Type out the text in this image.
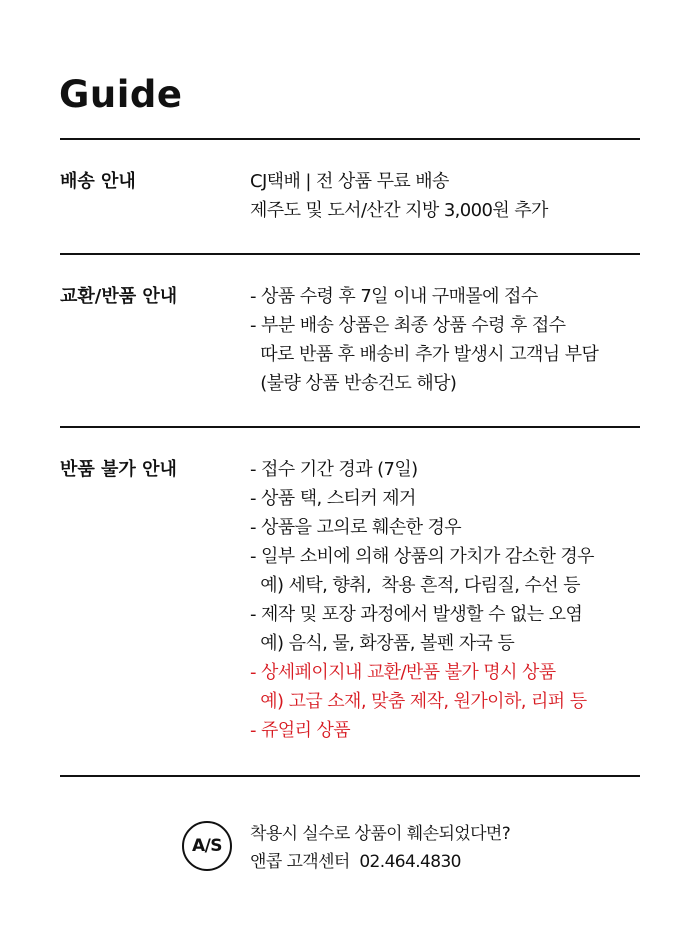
Guide
배송 안내	CJ택배 | 전 상품 무료 배송
제주도 및 도서/산간 지방 3,000원 추가
교환/반품 안내	- 상품 수령 후 7일 이내 구매몰에 접수
- 부분 배송 상품은 최종 상품 수령 후 접수
따로 반품 후 배송비 추가 발생시 고객님 부담
(불량 상품 반송건도 해당)
반품 불가 안내	- 접수 기간 경과 (7일)
- 상품 택, 스티커 제거
- 상품을 고의로 훼손한 경우
- 일부 소비에 의해 상품의 가치가 감소한 경우
예) 세탁, 향취,  착용 흔적, 다림질, 수선 등
- 제작 및 포장 과정에서 발생할 수 없는 오염
예) 음식, 물, 화장품, 볼펜 자국 등
- 상세페이지내 교환/반품 불가 명시 상품
예) 고급 소재, 맞춤 제작, 원가이하, 리퍼 등
- 쥬얼리 상품
A/S
착용시 실수로 상품이 훼손되었다면?
앤콥 고객센터  02.464.4830
